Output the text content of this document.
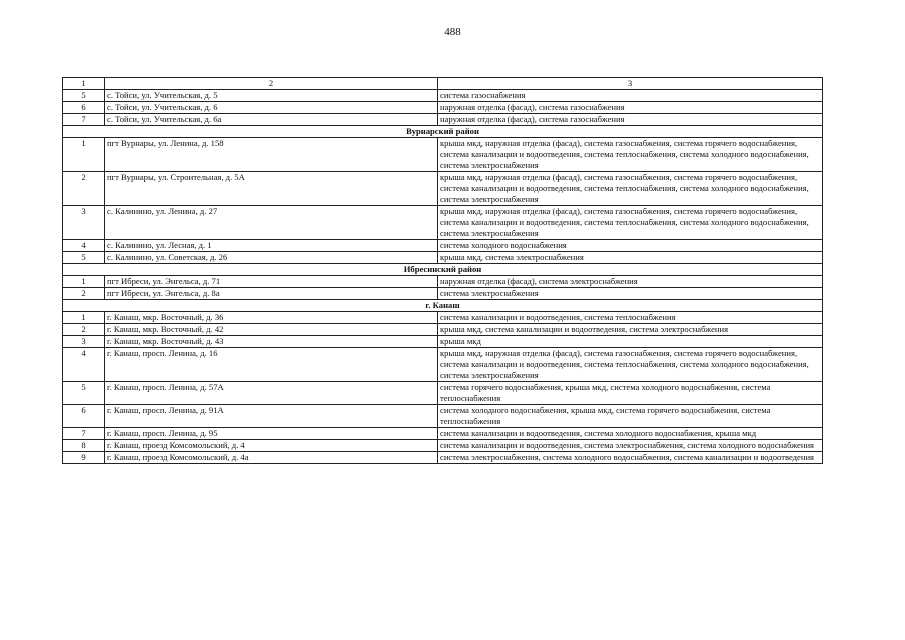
488
1	2	3
5	с. Тойси, ул. Учительская, д. 5	система газоснабжения
6	с. Тойси, ул. Учительская, д. 6	наружная отделка (фасад), система газоснабжения
7	с. Тойси, ул. Учительская, д. 6а	наружная отделка (фасад), система газоснабжения
Вурнарский район		
1	пгт Вурнары, ул. Ленина, д. 158	крыша мкд, наружная отделка (фасад), система газоснабжения, система горячего водоснабжения, система канализации и водоотведения, система теплоснабжения, система холодного водоснабжения, система электроснабжения
2	пгт Вурнары, ул. Строительная, д. 5А	крыша мкд, наружная отделка (фасад), система газоснабжения, система горячего водоснабжения, система канализации и водоотведения, система теплоснабжения, система холодного водоснабжения, система электроснабжения
3	с. Калинино, ул. Ленина, д. 27	крыша мкд, наружная отделка (фасад), система газоснабжения, система горячего водоснабжения, система канализации и водоотведения, система теплоснабжения, система холодного водоснабжения, система электроснабжения
4	с. Калинино, ул. Лесная, д. 1	система холодного водоснабжения
5	с. Калинино, ул. Советская, д. 26	крыша мкд, система электроснабжения
Ибресинский район		
1	пгт Ибреси, ул. Энгельса, д. 71	наружная отделка (фасад), система электроснабжения
2	пгт Ибреси, ул. Энгельса, д. 8а	система электроснабжения
г. Канаш		
1	г. Канаш, мкр. Восточный, д. 36	система канализации и водоотведения, система теплоснабжения
2	г. Канаш, мкр. Восточный, д. 42	крыша мкд, система канализации и водоотведения, система электроснабжения
3	г. Канаш, мкр. Восточный, д. 43	крыша мкд
4	г. Канаш, просп. Ленина, д. 16	крыша мкд, наружная отделка (фасад), система газоснабжения, система горячего водоснабжения, система канализации и водоотведения, система теплоснабжения, система холодного водоснабжения, система электроснабжения
5	г. Канаш, просп. Ленина, д. 57А	система горячего водоснабжения, крыша мкд, система холодного водоснабжения, система теплоснабжения
6	г. Канаш, просп. Ленина, д. 91А	система холодного водоснабжения, крыша мкд, система горячего водоснабжения, система теплоснабжения
7	г. Канаш, просп. Ленина, д. 95	система канализации и водоотведения, система холодного водоснабжения, крыша мкд
8	г. Канаш, проезд Комсомольский, д. 4	система канализации и водоотведения, система электроснабжения, система холодного водоснабжения
9	г. Канаш, проезд Комсомольский, д. 4а	система электроснабжения, система холодного водоснабжения, система канализации и водоотведения
